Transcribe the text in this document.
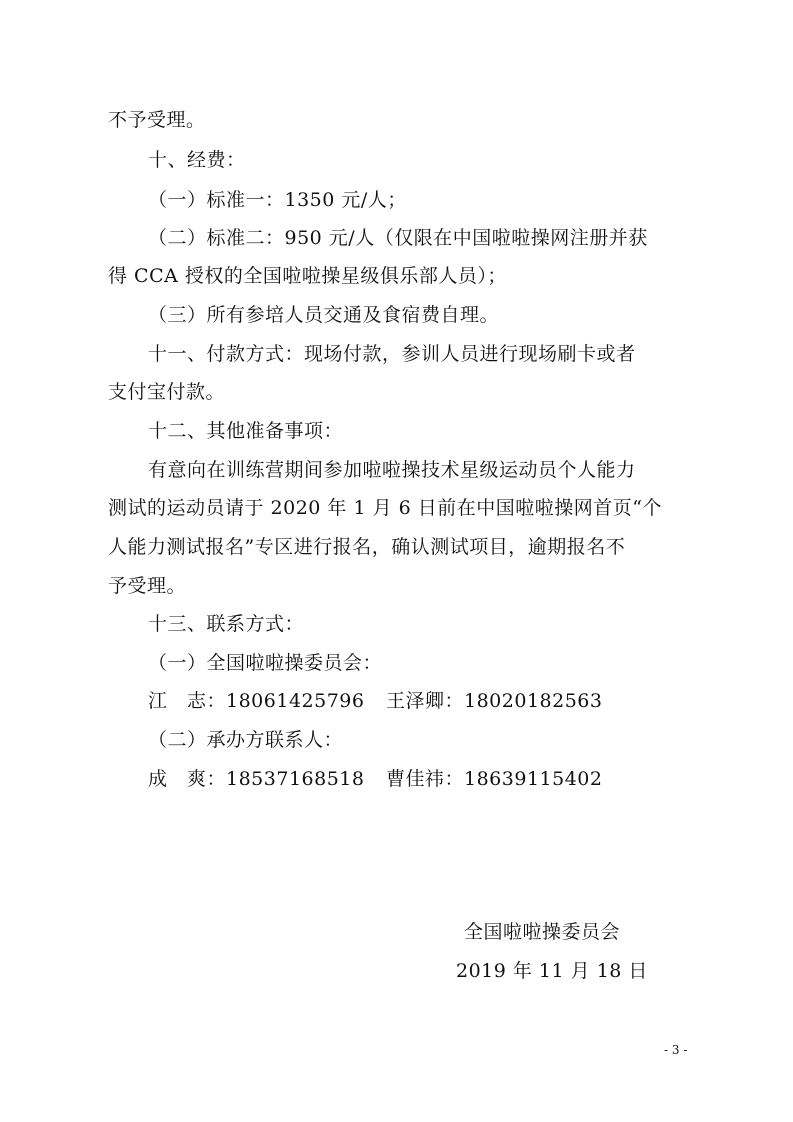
不予受理。
十、经费：
（一）标准一：1350 元/人；
（二）标准二：950 元/人（仅限在中国啦啦操网注册并获
得 CCA 授权的全国啦啦操星级俱乐部人员）；
（三）所有参培人员交通及食宿费自理。
十一、付款方式：现场付款，参训人员进行现场刷卡或者
支付宝付款。
十二、其他准备事项：
有意向在训练营期间参加啦啦操技术星级运动员个人能力
测试的运动员请于 2020 年 1 月 6 日前在中国啦啦操网首页“个
人能力测试报名”专区进行报名，确认测试项目，逾期报名不
予受理。
十三、联系方式：
（一）全国啦啦操委员会：
江　志：18061425796 王泽卿：18020182563
（二）承办方联系人：
成　爽：18537168518 曹佳祎：18639115402
全国啦啦操委员会
2019 年 11 月 18 日
- 3 -
